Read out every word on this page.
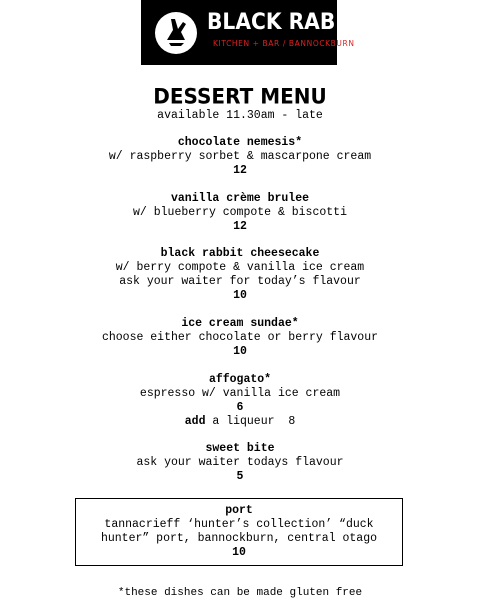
BLACK RABBIT
KITCHEN + BAR / BANNOCKBURN
DESSERT MENU
available 11.30am - late
chocolate nemesis*
w/ raspberry sorbet & mascarpone cream
12
vanilla crème brulee
w/ blueberry compote & biscotti
12
black rabbit cheesecake
w/ berry compote & vanilla ice cream
ask your waiter for today’s flavour
10
ice cream sundae*
choose either chocolate or berry flavour
10
affogato*
espresso w/ vanilla ice cream
6
add a liqueur  8
sweet bite
ask your waiter todays flavour
5
port
tannacrieff ‘hunter’s collection’ “duck
hunter” port, bannockburn, central otago
10
*these dishes can be made gluten free
